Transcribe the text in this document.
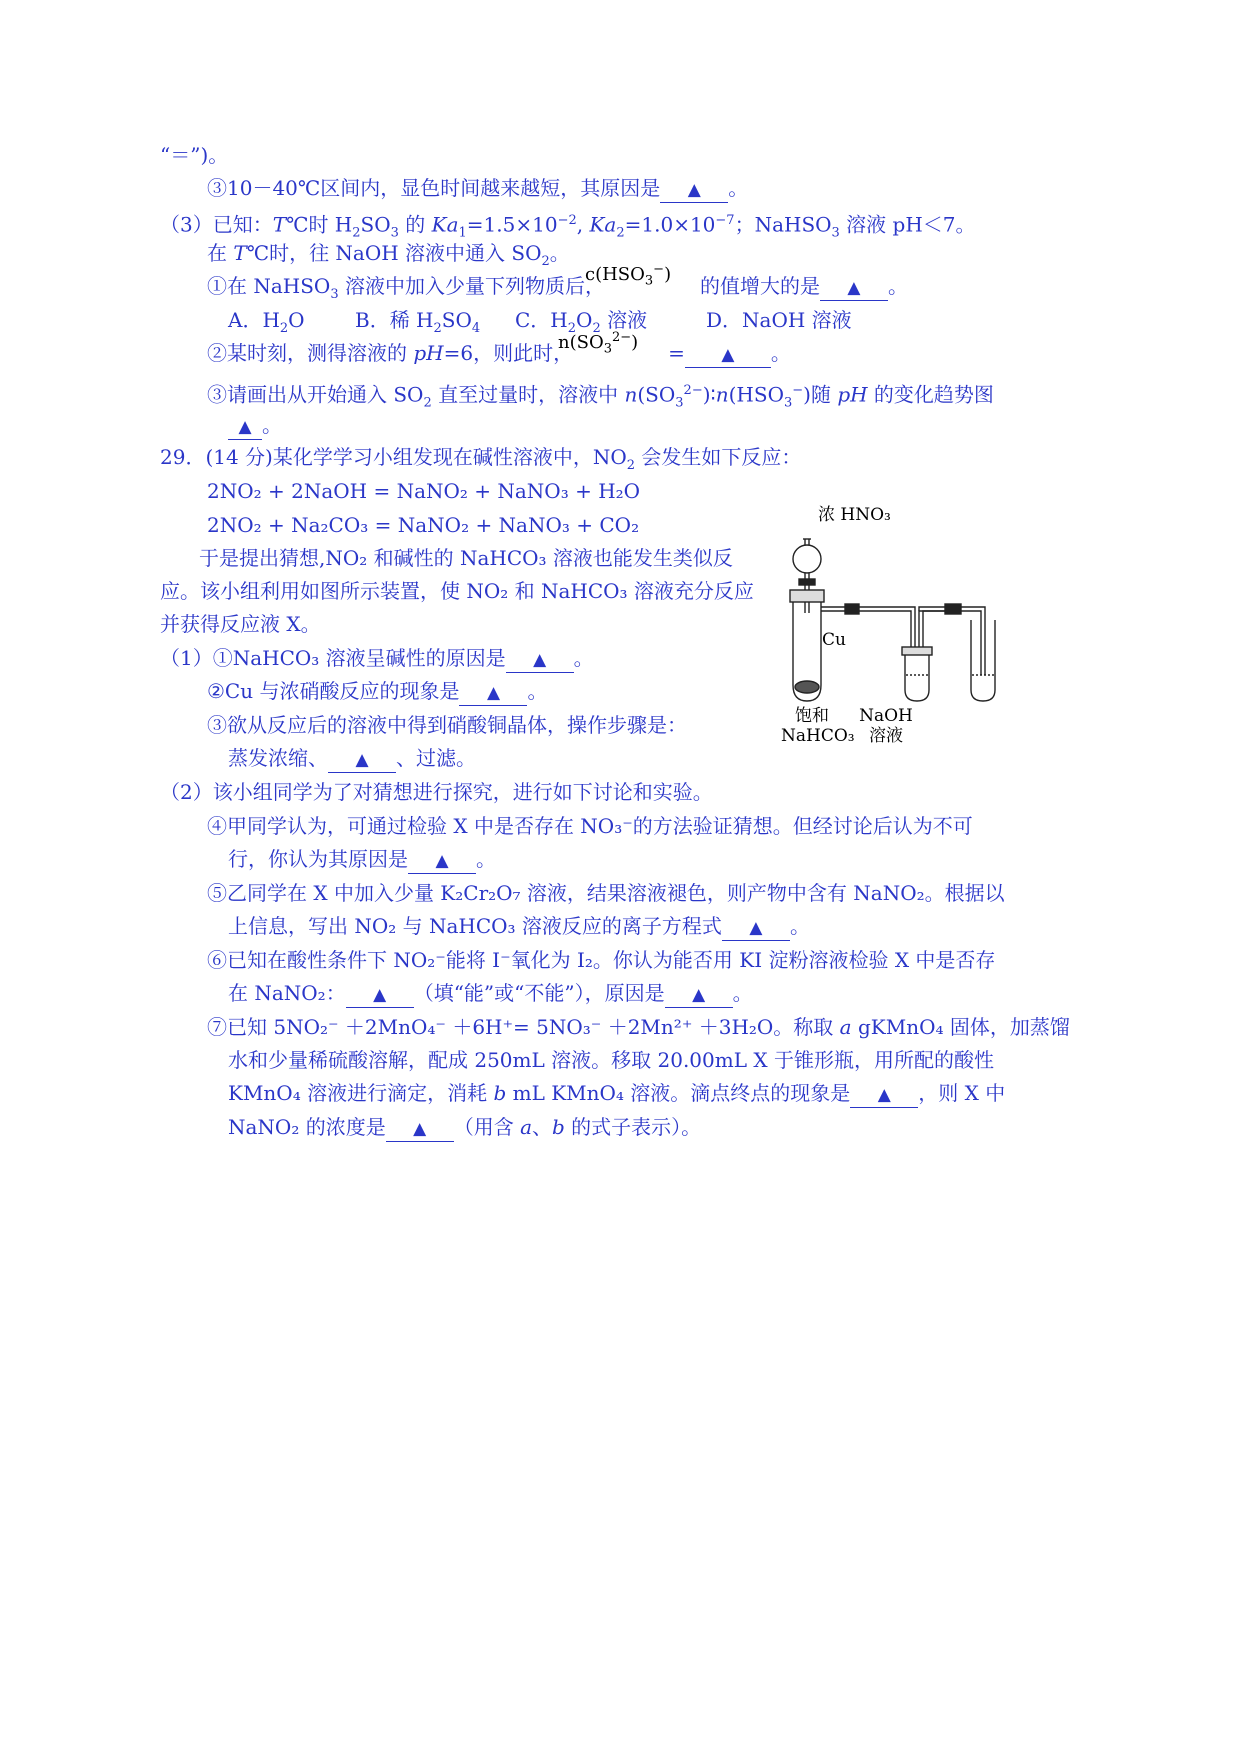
“＝”)。
③10－40℃区间内，显色时间越来越短，其原因是 ▲ 。
（3）已知：T℃时 $H_2SO_3$ 的 $Ka_1=1.5\times 10^{-2}$, $Ka_2=1.0\times 10^{-7}$；NaHSO$_3$ 溶液 pH＜7。
在 T℃时，往 NaOH 溶液中通入 $SO_2$。
$c(HSO_3^-)$
①在 NaHSO$_3$ 溶液中加入少量下列物质后，	的值增大的是 ▲ 。
A．$H_2O$	B．稀 $H_2SO_4$ C．$H_2O_2$ 溶液	D．NaOH 溶液
$n(SO_3^{2-})$
②某时刻，测得溶液的 pH=6，则此时，	= ▲ 。
③请画出从开始通入 $SO_2$ 直至过量时，溶液中 $n(SO_3^{2-})∶n(HSO_3^-)$随 pH 的变化趋势图
▲ 。
29．(14 分)某化学学习小组发现在碱性溶液中，$NO_2$ 会发生如下反应：
2NO₂ + 2NaOH = NaNO₂ + NaNO₃ + H₂O
2NO₂ + Na₂CO₃ = NaNO₂ + NaNO₃ + CO₂
于是提出猜想,NO₂ 和碱性的 NaHCO₃ 溶液也能发生类似反
应。该小组利用如图所示装置，使 NO₂ 和 NaHCO₃ 溶液充分反应
并获得反应液 X。
（1）①NaHCO₃ 溶液呈碱性的原因是 ▲ 。
②Cu 与浓硝酸反应的现象是 ▲ 。
③欲从反应后的溶液中得到硝酸铜晶体，操作步骤是：
蒸发浓缩、 ▲ 、过滤。
（2）该小组同学为了对猜想进行探究，进行如下讨论和实验。
④甲同学认为，可通过检验 X 中是否存在 NO₃⁻的方法验证猜想。但经讨论后认为不可
行，你认为其原因是 ▲ 。
⑤乙同学在 X 中加入少量 K₂Cr₂O₇ 溶液，结果溶液褪色，则产物中含有 NaNO₂。根据以
上信息，写出 NO₂ 与 NaHCO₃ 溶液反应的离子方程式 ▲ 。
⑥已知在酸性条件下 NO₂⁻能将 I⁻氧化为 I₂。你认为能否用 KI 淀粉溶液检验 X 中是否存
在 NaNO₂： ▲ （填“能”或“不能”），原因是 ▲ 。
⑦已知 5NO₂⁻ ＋2MnO₄⁻ ＋6H⁺= 5NO₃⁻ ＋2Mn²⁺ ＋3H₂O。称取 a gKMnO₄ 固体，加蒸馏
水和少量稀硫酸溶解，配成 250mL 溶液。移取 20.00mL X 于锥形瓶，用所配的酸性
KMnO₄ 溶液进行滴定，消耗 b mL KMnO₄ 溶液。滴点终点的现象是 ▲ ，则 X 中
NaNO₂ 的浓度是 ▲ （用含 a、b 的式子表示）。
浓 HNO₃
Cu
饱和
NaHCO₃
NaOH
溶液
